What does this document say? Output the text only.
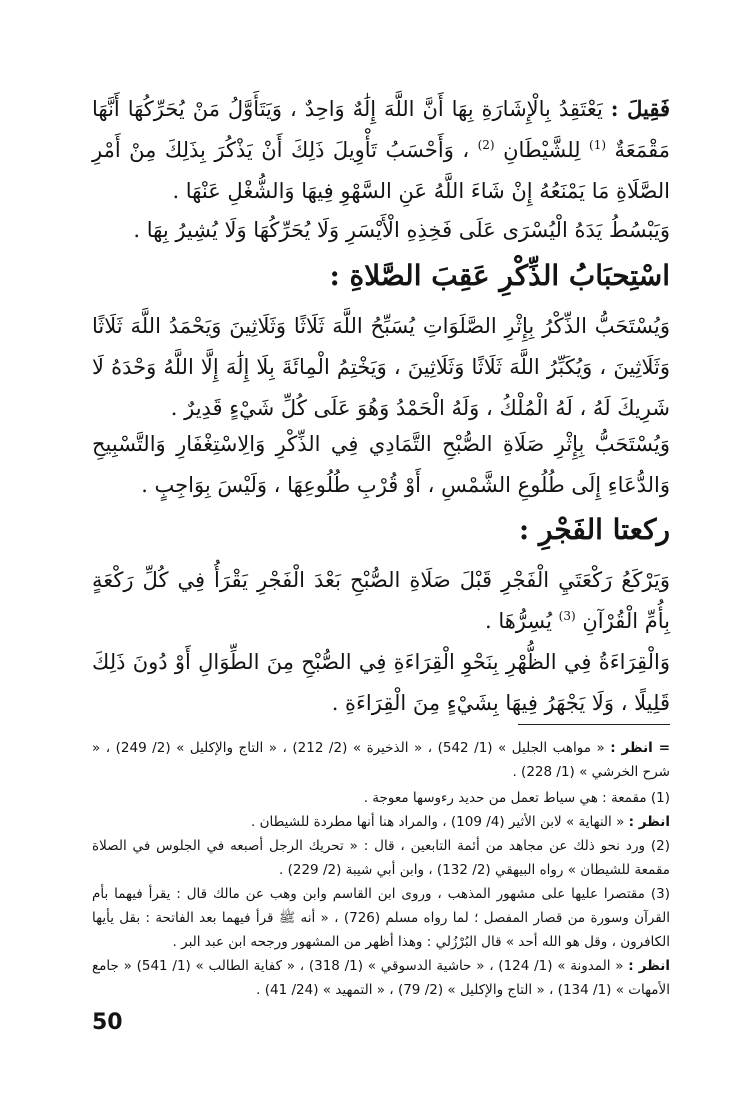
فَقِيلَ : يَعْتَقِدُ بِالْإِشَارَةِ بِهَا أَنَّ اللَّهَ إِلَٰهٌ وَاحِدٌ ، وَيَتَأَوَّلُ مَنْ يُحَرِّكُهَا أَنَّهَا مَقْمَعَةٌ $^{(1)}$ لِلشَّيْطَانِ $^{(2)}$ ، وَأَحْسَبُ تَأْوِيلَ ذَلِكَ أَنْ يَذْكُرَ بِذَلِكَ مِنْ أَمْرِ الصَّلَاةِ مَا يَمْنَعُهُ إِنْ شَاءَ اللَّهُ عَنِ السَّهْوِ فِيهَا وَالشُّغْلِ عَنْهَا .
وَيَبْسُطُ يَدَهُ الْيُسْرَى عَلَى فَخِذِهِ الْأَيْسَرِ وَلَا يُحَرِّكُهَا وَلَا يُشِيرُ بِهَا .
اسْتِحبَابُ الذِّكْرِ عَقِبَ الصَّلاةِ :
وَيُسْتَحَبُّ الذِّكْرُ بِإِثْرِ الصَّلَوَاتِ يُسَبِّحُ اللَّهَ ثَلَاثًا وَثَلَاثِينَ وَيَحْمَدُ اللَّهَ ثَلَاثًا وَثَلَاثِينَ ، وَيُكَبِّرُ اللَّهَ ثَلَاثًا وَثَلَاثِينَ ، وَيَخْتِمُ الْمِائَةَ بِلَا إِلَٰهَ إِلَّا اللَّهُ وَحْدَهُ لَا شَرِيكَ لَهُ ، لَهُ الْمُلْكُ ، وَلَهُ الْحَمْدُ وَهُوَ عَلَى كُلِّ شَيْءٍ قَدِيرٌ .
وَيُسْتَحَبُّ بِإِثْرِ صَلَاةِ الصُّبْحِ التَّمَادِي فِي الذِّكْرِ وَالِاسْتِغْفَارِ وَالتَّسْبِيحِ وَالدُّعَاءِ إِلَى طُلُوعِ الشَّمْسِ ، أَوْ قُرْبِ طُلُوعِهَا ، وَلَيْسَ بِوَاجِبٍ .
ركعتا الفَجْرِ :
وَيَرْكَعُ رَكْعَتَيِ الْفَجْرِ قَبْلَ صَلَاةِ الصُّبْحِ بَعْدَ الْفَجْرِ يَقْرَأُ فِي كُلِّ رَكْعَةٍ بِأُمِّ الْقُرْآنِ $^{(3)}$ يُسِرُّهَا .
وَالْقِرَاءَةُ فِي الظُّهْرِ بِنَحْوِ الْقِرَاءَةِ فِي الصُّبْحِ مِنَ الطِّوَالِ أَوْ دُونَ ذَلِكَ قَلِيلًا ، وَلَا يَجْهَرُ فِيهَا بِشَيْءٍ مِنَ الْقِرَاءَةِ .
= انظر : « مواهب الجليل » (1/ 542) ، « الذخيرة » (2/ 212) ، « التاج والإكليل » (2/ 249) ، « شرح الخرشي » (1/ 228) .
(1) مقمعة : هي سياط تعمل من حديد رءوسها معوجة .
انظر : « النهاية » لابن الأثير (4/ 109) ، والمراد هنا أنها مطردة للشيطان .
(2) ورد نحو ذلك عن مجاهد من أئمة التابعين ، قال : « تحريك الرجل أصبعه في الجلوس في الصلاة مقمعة للشيطان » رواه البيهقي (2/ 132) ، وابن أبي شيبة (2/ 229) .
(3) مقتصرا عليها على مشهور المذهب ، وروى ابن القاسم وابن وهب عن مالك قال : يقرأ فيهما بأم القرآن وسورة من قصار المفصل ؛ لما رواه مسلم (726) ، « أنه ﷺ قرأ فيهما بعد الفاتحة : بقل يأيها الكافرون ، وقل هو الله أحد » قال البُرْزُلي : وهذا أظهر من المشهور ورجحه ابن عبد البر .
انظر : « المدونة » (1/ 124) ، « حاشية الدسوقي » (1/ 318) ، « كفاية الطالب » (1/ 541) « جامع الأمهات » (1/ 134) ، « التاج والإكليل » (2/ 79) ، « التمهيد » (24/ 41) .
50
